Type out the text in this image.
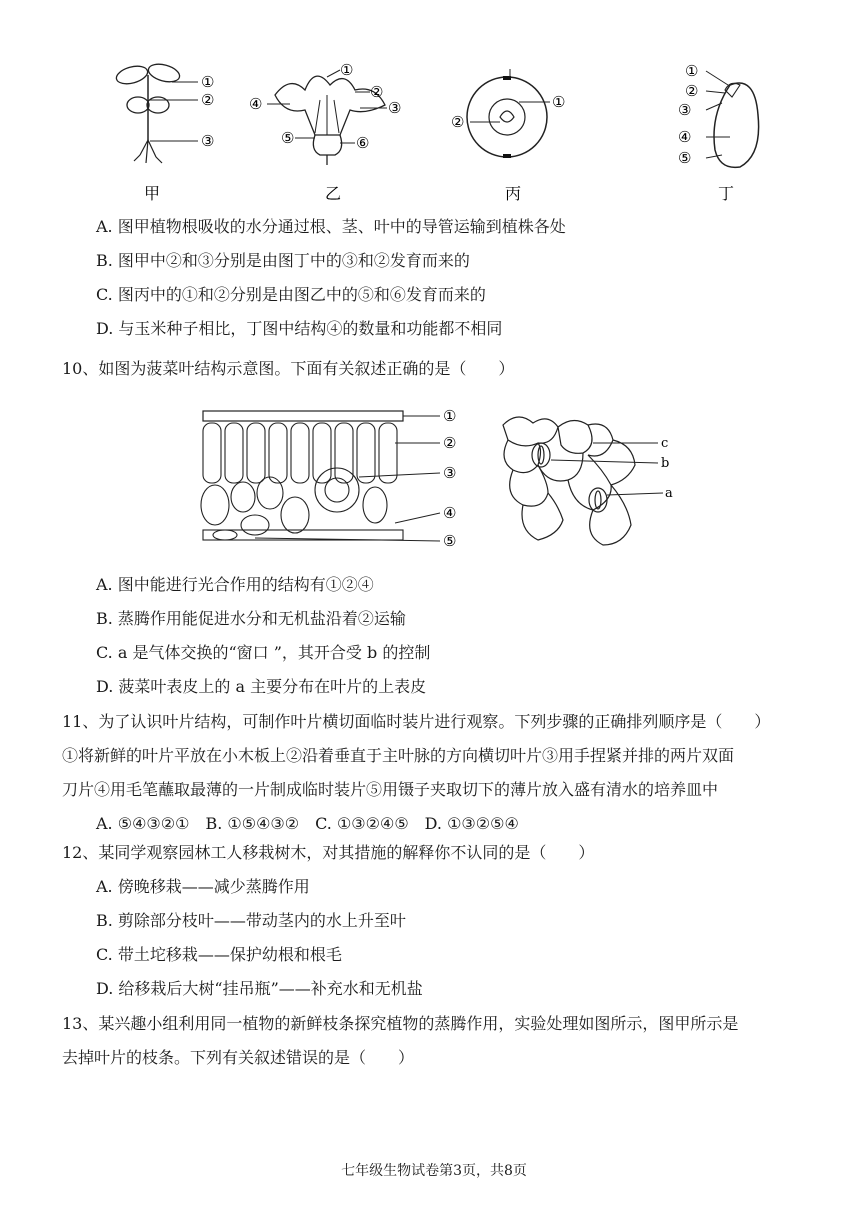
①
②
③
甲
①
②
③
④
⑤	⑥
乙
①
②
丙
①
②
③
④
⑤
丁
A. 图甲植物根吸收的水分通过根、茎、叶中的导管运输到植株各处
B. 图甲中②和③分别是由图丁中的③和②发育而来的
C. 图丙中的①和②分别是由图乙中的⑤和⑥发育而来的
D. 与玉米种子相比，丁图中结构④的数量和功能都不相同
10、如图为菠菜叶结构示意图。下面有关叙述正确的是（　　）
①
②
③
④
⑤
c
b
a
A. 图中能进行光合作用的结构有①②④
B. 蒸腾作用能促进水分和无机盐沿着②运输
C. a 是气体交换的“窗口 ”，其开合受 b 的控制
D. 菠菜叶表皮上的 a 主要分布在叶片的上表皮
11、为了认识叶片结构，可制作叶片横切面临时装片进行观察。下列步骤的正确排列顺序是（　　）
①将新鲜的叶片平放在小木板上②沿着垂直于主叶脉的方向横切叶片③用手捏紧并排的两片双面
刀片④用毛笔蘸取最薄的一片制成临时装片⑤用镊子夹取切下的薄片放入盛有清水的培养皿中
A. ⑤④③②①　B. ①⑤④③②　C. ①③②④⑤　D. ①③②⑤④
12、某同学观察园林工人移栽树木，对其措施的解释你不认同的是（　　）
A. 傍晚移栽——减少蒸腾作用
B. 剪除部分枝叶——带动茎内的水上升至叶
C. 带土坨移栽——保护幼根和根毛
D. 给移栽后大树“挂吊瓶”——补充水和无机盐
13、某兴趣小组利用同一植物的新鲜枝条探究植物的蒸腾作用，实验处理如图所示，图甲所示是
去掉叶片的枝条。下列有关叙述错误的是（　　）
七年级生物试卷第3页，共8页
